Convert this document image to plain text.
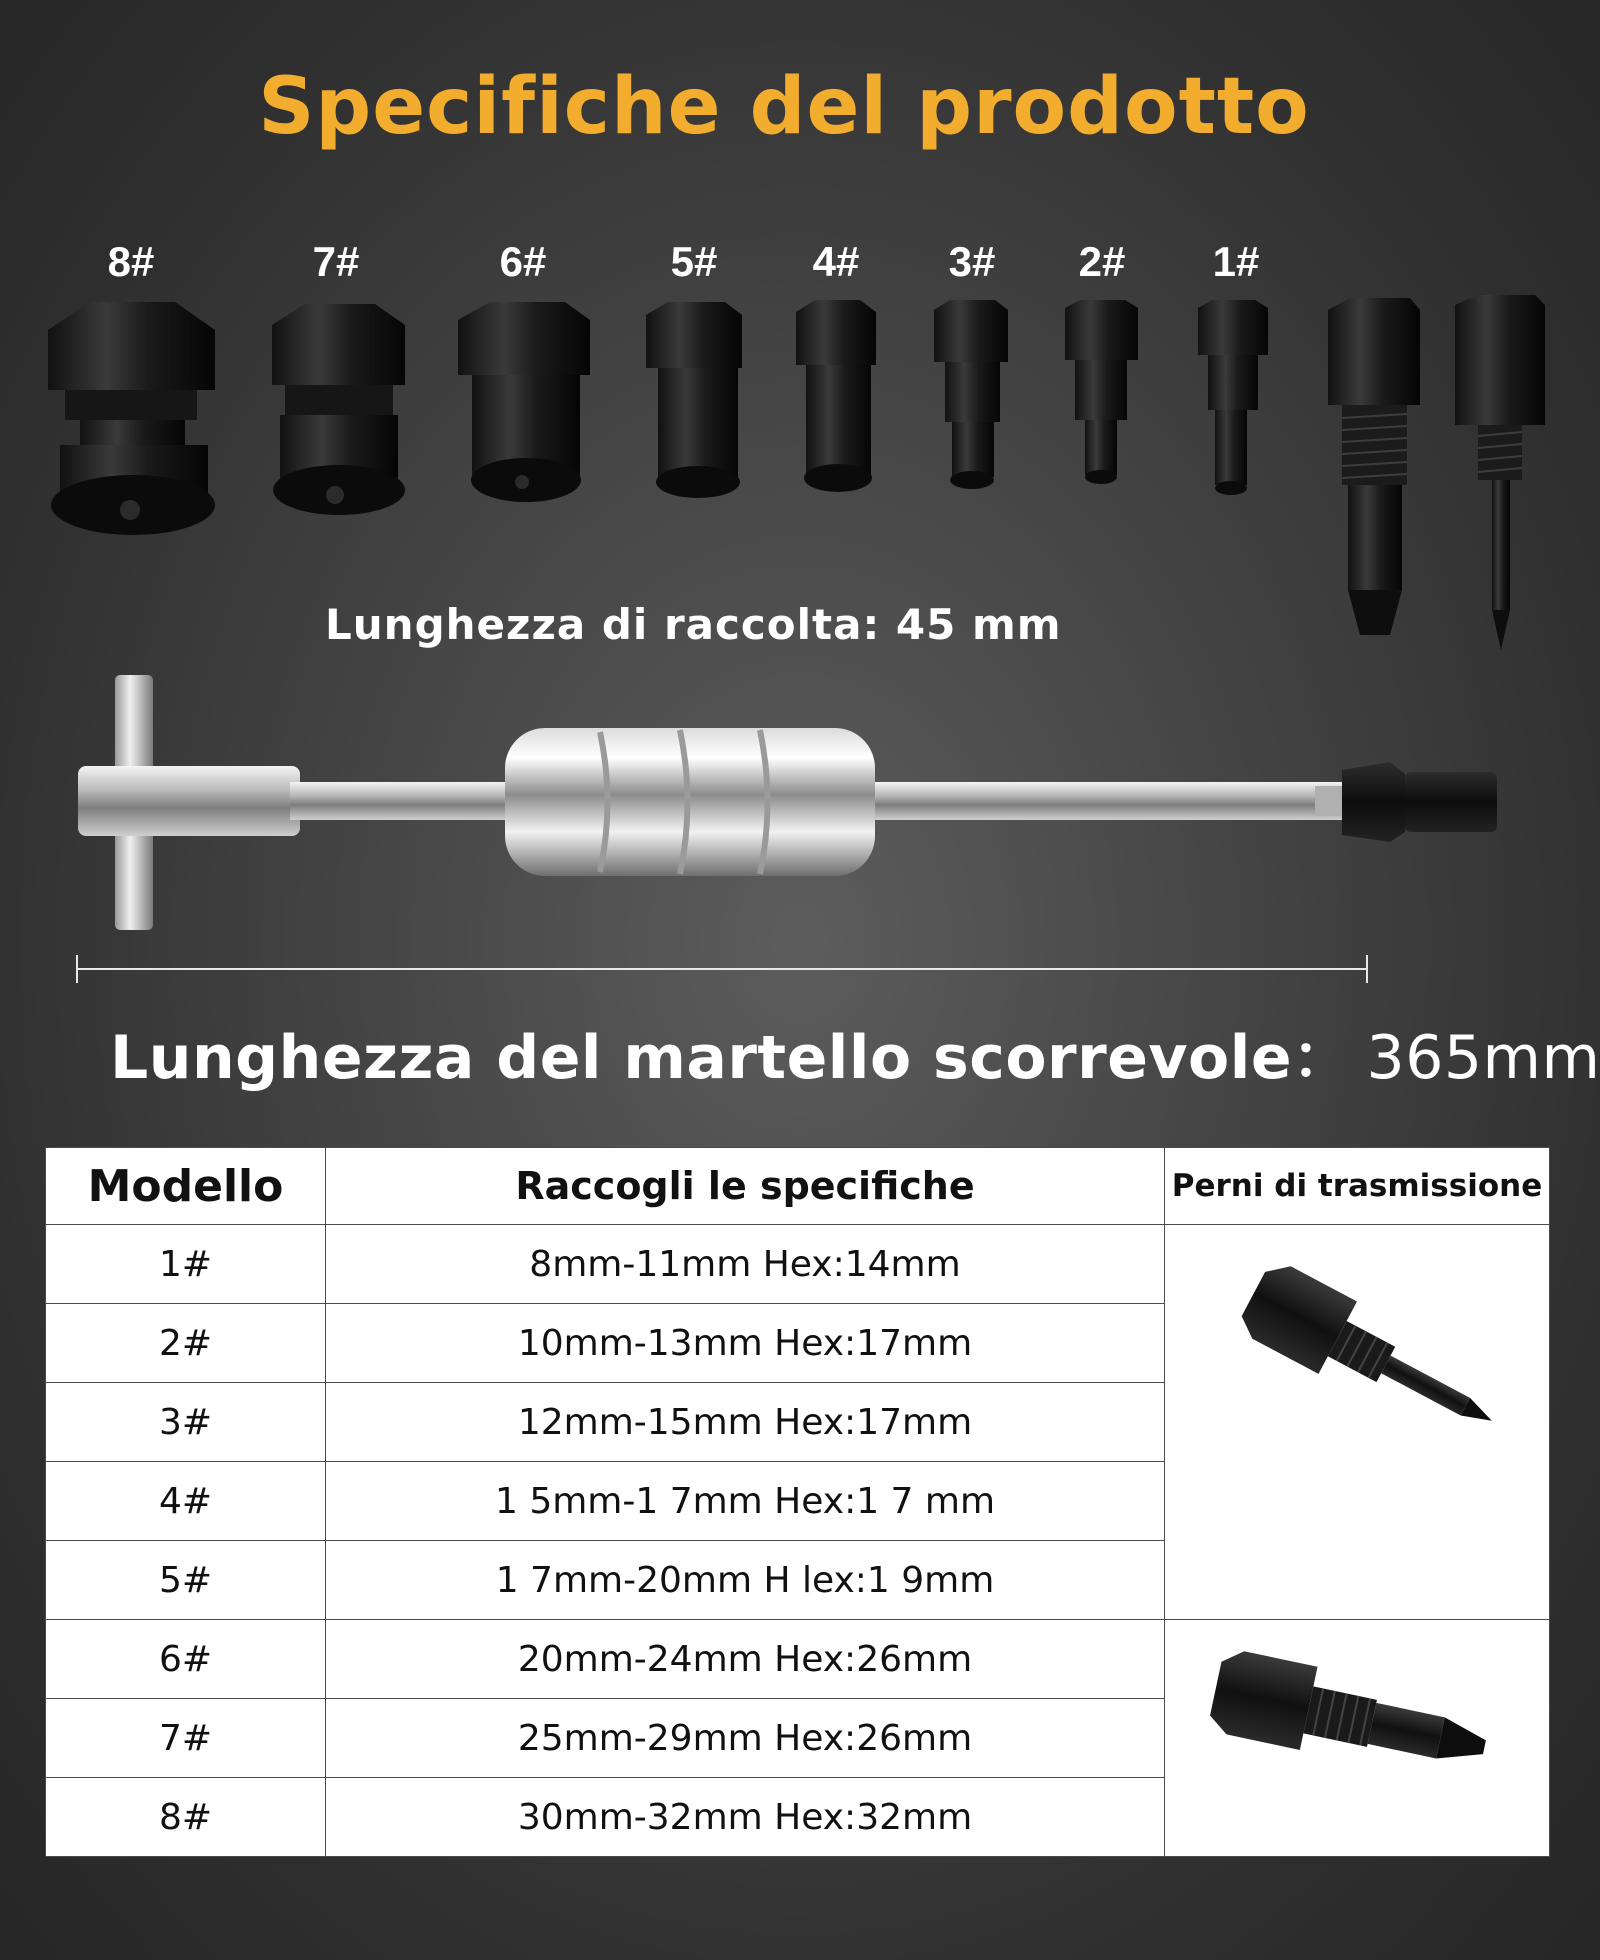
Specifiche del prodotto
8#	7#	6#	5# 4# 3# 2# 1#
Lunghezza di raccolta: 45 mm
Lunghezza del martello scorrevole： 365mm
Modello	Raccogli le specifiche	Perni di trasmissione
1#	8mm-11mm Hex:14mm	
2#	10mm-13mm Hex:17mm	
3#	12mm-15mm Hex:17mm	
4#	1 5mm-1 7mm Hex:1 7 mm	
5#	1 7mm-20mm H lex:1 9mm	
6#	20mm-24mm Hex:26mm	
7#	25mm-29mm Hex:26mm	
8#	30mm-32mm Hex:32mm	
